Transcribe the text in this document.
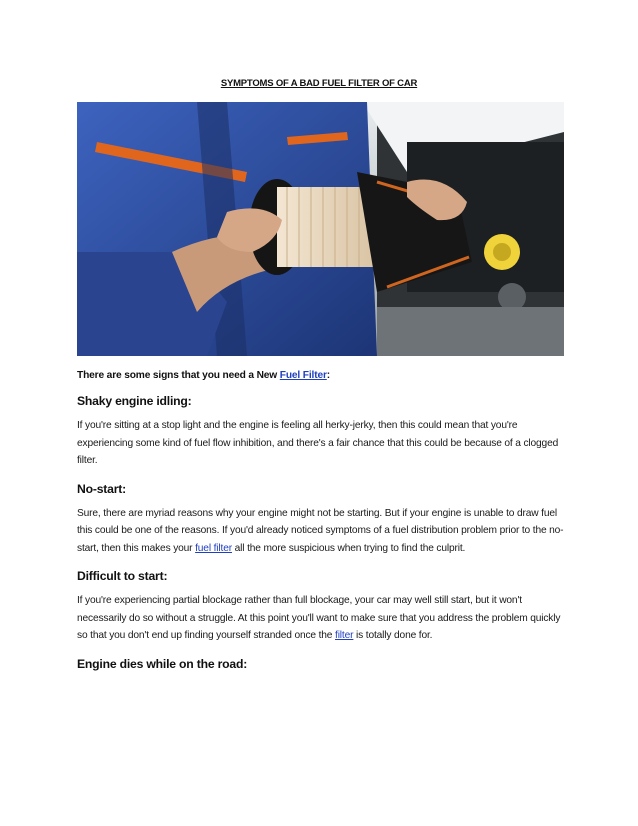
SYMPTOMS OF A BAD FUEL FILTER OF CAR
There are some signs that you need a New Fuel Filter:
Shaky engine idling:

If you're sitting at a stop light and the engine is feeling all herky-jerky, then this could mean that you're experiencing some kind of fuel flow inhibition, and there's a fair chance that this could be because of a clogged filter.

No-start:

Sure, there are myriad reasons why your engine might not be starting. But if your engine is unable to draw fuel this could be one of the reasons. If you'd already noticed symptoms of a fuel distribution problem prior to the no-start, then this makes your fuel filter all the more suspicious when trying to find the culprit.

Difficult to start:

If you're experiencing partial blockage rather than full blockage, your car may well still start, but it won't necessarily do so without a struggle. At this point you'll want to make sure that you address the problem quickly so that you don't end up finding yourself stranded once the filter is totally done for.

Engine dies while on the road:
